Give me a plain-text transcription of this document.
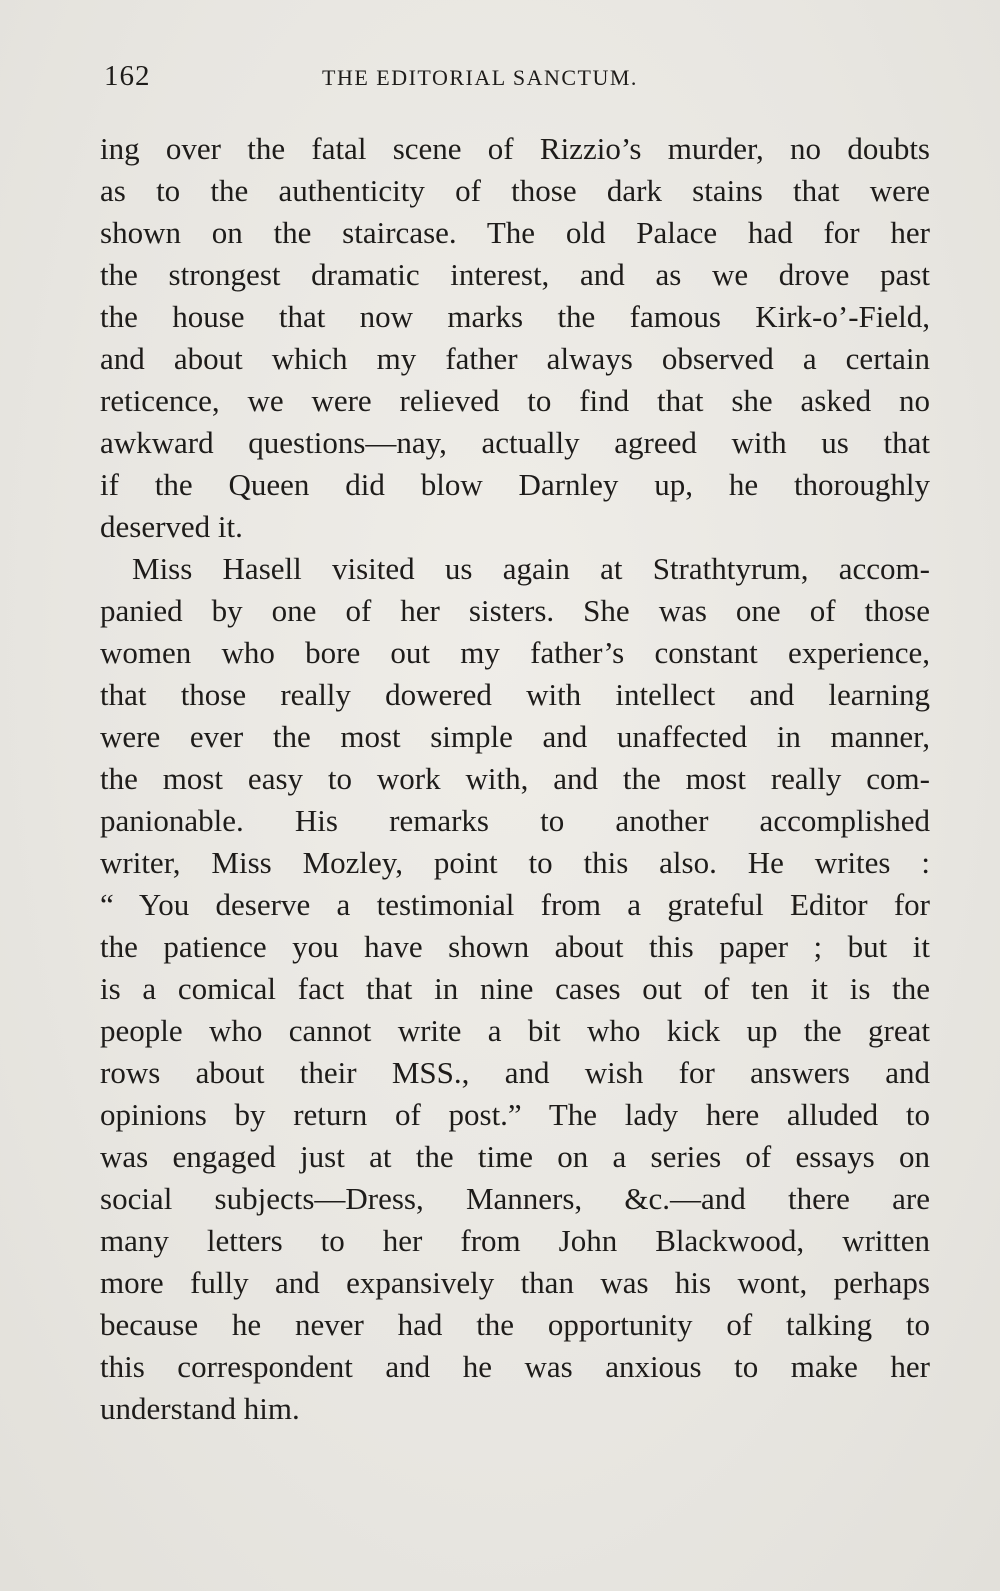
162	THE EDITORIAL SANCTUM.
ing over the fatal scene of Rizzio’s murder, no doubts
as to the authenticity of those dark stains that were
shown on the staircase. The old Palace had for her
the strongest dramatic interest, and as we drove past
the house that now marks the famous Kirk-o’-Field,
and about which my father always observed a certain
reticence, we were relieved to find that she asked no
awkward questions—nay, actually agreed with us that
if the Queen did blow Darnley up, he thoroughly
deserved it.
Miss Hasell visited us again at Strathtyrum, accom-
panied by one of her sisters. She was one of those
women who bore out my father’s constant experience,
that those really dowered with intellect and learning
were ever the most simple and unaffected in manner,
the most easy to work with, and the most really com-
panionable. His remarks to another accomplished
writer, Miss Mozley, point to this also. He writes :
“ You deserve a testimonial from a grateful Editor for
the patience you have shown about this paper ; but it
is a comical fact that in nine cases out of ten it is the
people who cannot write a bit who kick up the great
rows about their MSS., and wish for answers and
opinions by return of post.” The lady here alluded to
was engaged just at the time on a series of essays on
social subjects—Dress, Manners, &c.—and there are
many letters to her from John Blackwood, written
more fully and expansively than was his wont, perhaps
because he never had the opportunity of talking to
this correspondent and he was anxious to make her
understand him.
